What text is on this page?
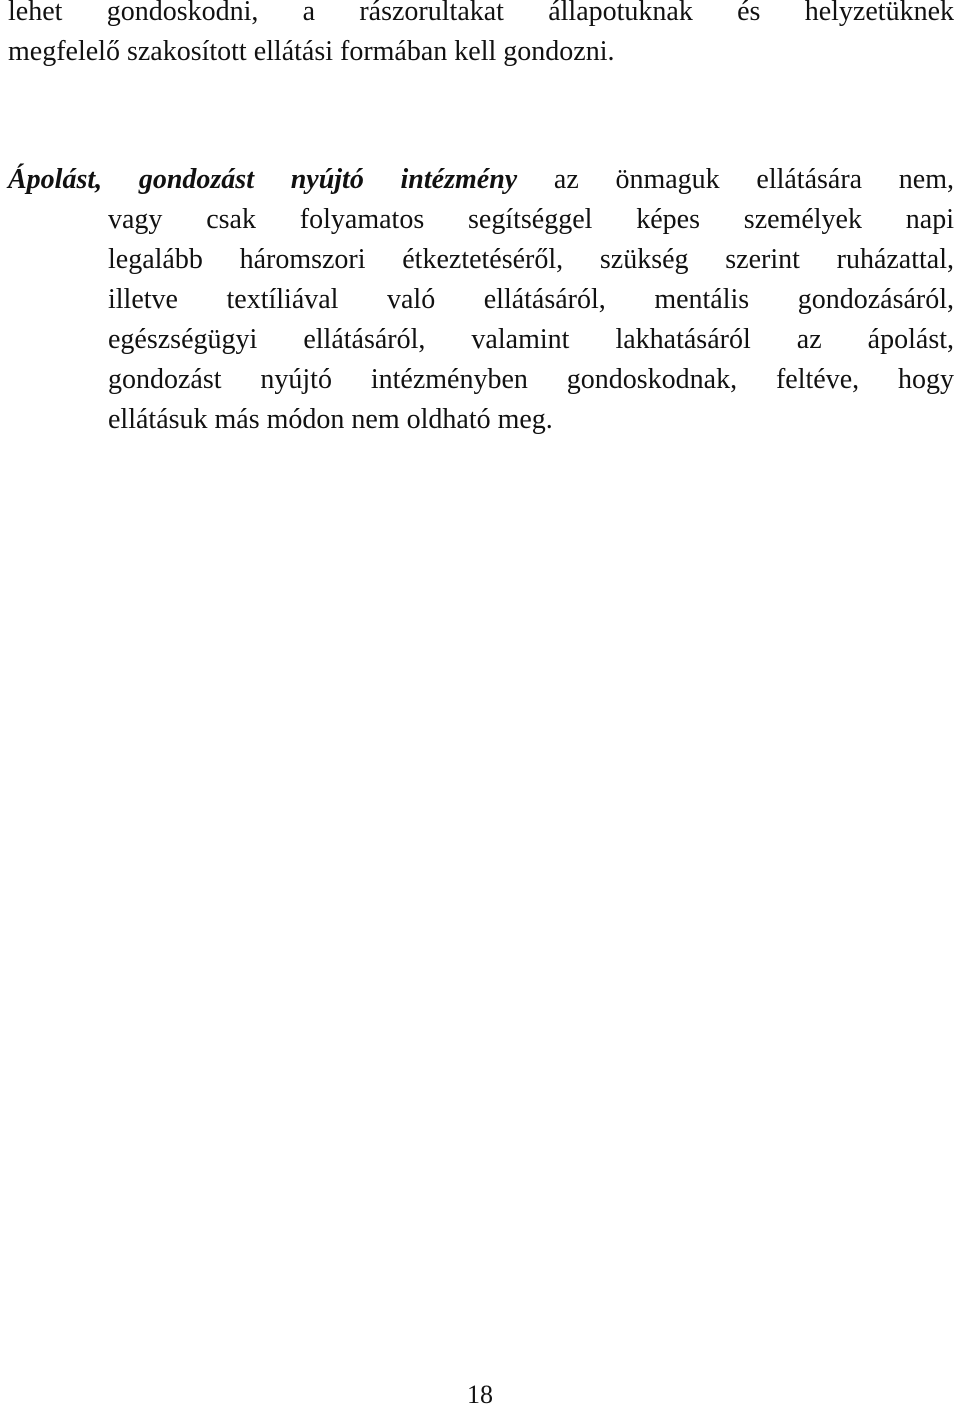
lehet gondoskodni, a rászorultakat állapotuknak és helyzetüknek
megfelelő szakosított ellátási formában kell gondozni.
Ápolást, gondozást nyújtó intézmény az önmaguk ellátására nem,
vagy csak folyamatos segítséggel képes személyek napi
legalább háromszori étkeztetéséről, szükség szerint ruházattal,
illetve textíliával való ellátásáról, mentális gondozásáról,
egészségügyi ellátásáról, valamint lakhatásáról az ápolást,
gondozást nyújtó intézményben gondoskodnak, feltéve, hogy
ellátásuk más módon nem oldható meg.
18
